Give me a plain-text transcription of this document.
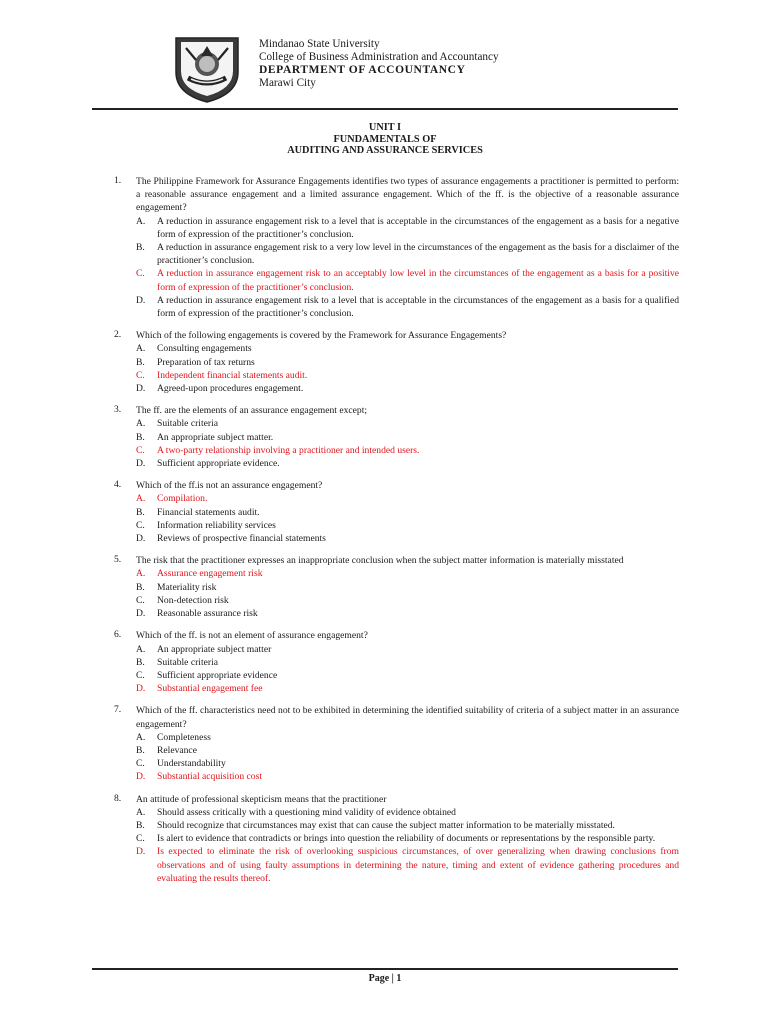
Mindanao State University
College of Business Administration and Accountancy
DEPARTMENT OF ACCOUNTANCY
Marawi City
UNIT I
FUNDAMENTALS OF
AUDITING AND ASSURANCE SERVICES
1. The Philippine Framework for Assurance Engagements identifies two types of assurance engagements a practitioner is permitted to perform: a reasonable assurance engagement and a limited assurance engagement. Which of the ff. is the objective of a reasonable assurance engagement?
A. A reduction in assurance engagement risk to a level that is acceptable in the circumstances of the engagement as a basis for a negative form of expression of the practitioner’s conclusion.
B. A reduction in assurance engagement risk to a very low level in the circumstances of the engagement as the basis for a disclaimer of the practitioner’s conclusion.
C. A reduction in assurance engagement risk to an acceptably low level in the circumstances of the engagement as a basis for a positive form of expression of the practitioner’s conclusion.
D. A reduction in assurance engagement risk to a level that is acceptable in the circumstances of the engagement as a basis for a qualified form of expression of the practitioner’s conclusion.
2. Which of the following engagements is covered by the Framework for Assurance Engagements?
A. Consulting engagements
B. Preparation of tax returns
C. Independent financial statements audit.
D. Agreed-upon procedures engagement.
3. The ff. are the elements of an assurance engagement except;
A. Suitable criteria
B. An appropriate subject matter.
C. A two-party relationship involving a practitioner and intended users.
D. Sufficient appropriate evidence.
4. Which of the ff.is not an assurance engagement?
A. Compilation.
B. Financial statements audit.
C. Information reliability services
D. Reviews of prospective financial statements
5. The risk that the practitioner expresses an inappropriate conclusion when the subject matter information is materially misstated
A. Assurance engagement risk
B. Materiality risk
C. Non-detection risk
D. Reasonable assurance risk
6. Which of the ff. is not an element of assurance engagement?
A. An appropriate subject matter
B. Suitable criteria
C. Sufficient appropriate evidence
D. Substantial engagement fee
7. Which of the ff. characteristics need not to be exhibited in determining the identified suitability of criteria of a subject matter in an assurance engagement?
A. Completeness
B. Relevance
C. Understandability
D. Substantial acquisition cost
8. An attitude of professional skepticism means that the practitioner
A. Should assess critically with a questioning mind validity of evidence obtained
B. Should recognize that circumstances may exist that can cause the subject matter information to be materially misstated.
C. Is alert to evidence that contradicts or brings into question the reliability of documents or representations by the responsible party.
D. Is expected to eliminate the risk of overlooking suspicious circumstances, of over generalizing when drawing conclusions from observations and of using faulty assumptions in determining the nature, timing and extent of evidence gathering procedures and evaluating the results thereof.
Page | 1
